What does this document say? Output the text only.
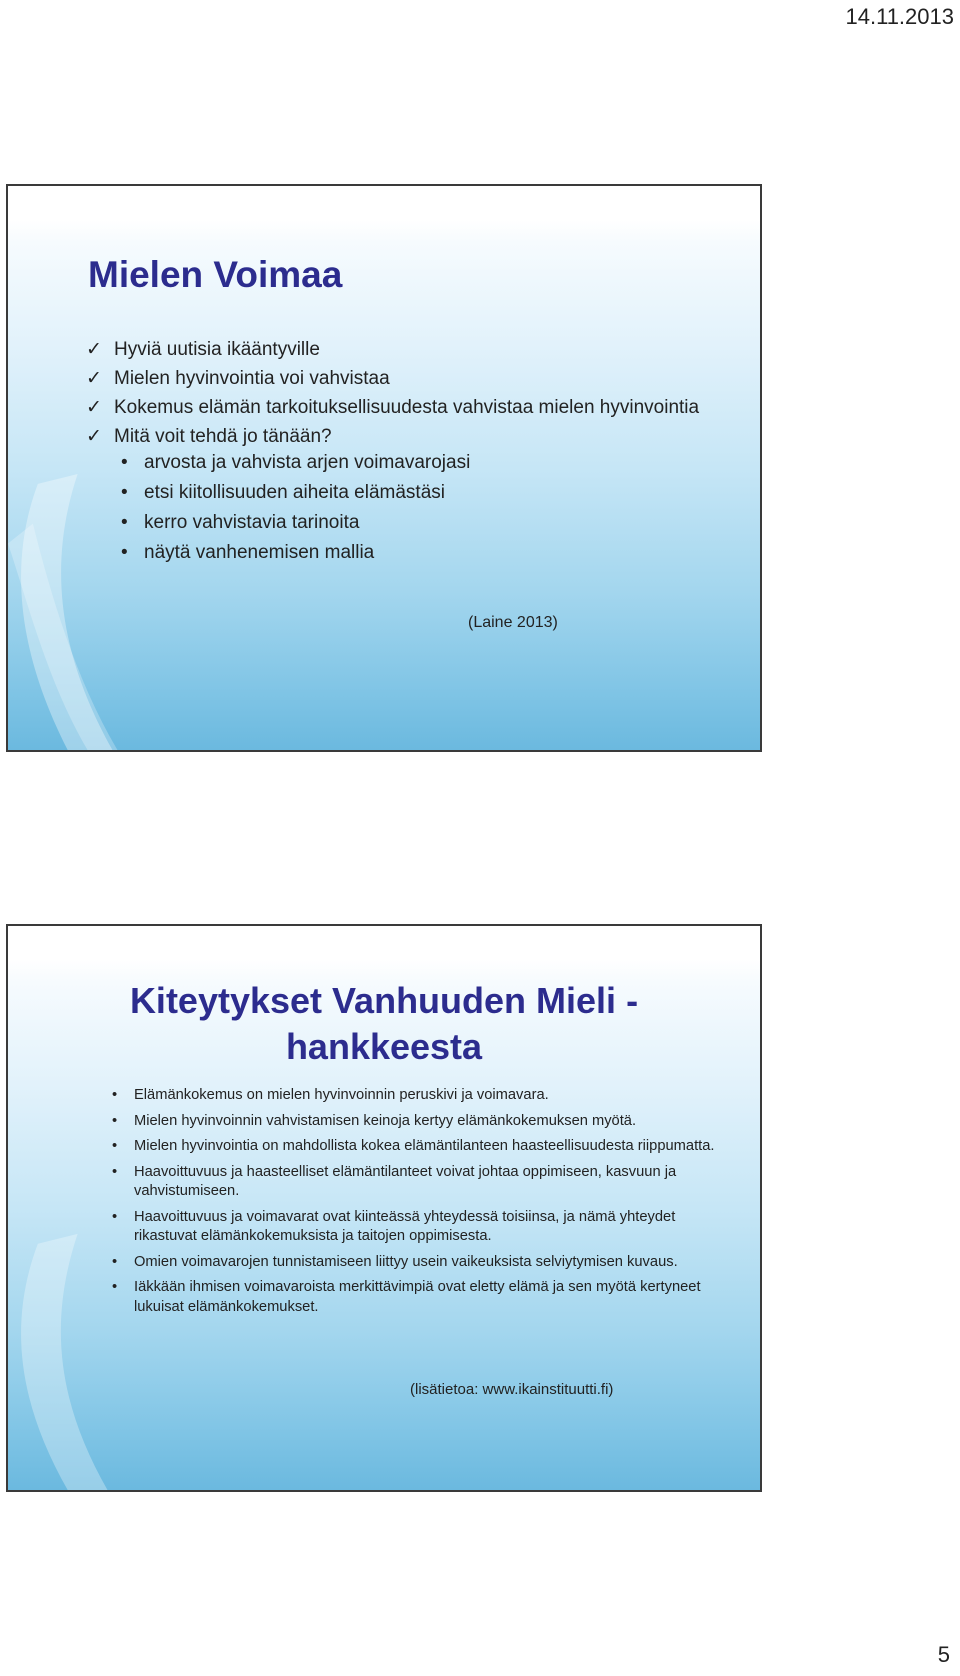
14.11.2013
Mielen Voimaa
✓ Hyviä uutisia ikääntyville
✓ Mielen hyvinvointia voi vahvistaa
✓ Kokemus elämän tarkoituksellisuudesta vahvistaa mielen hyvinvointia
✓ Mitä voit tehdä jo tänään?
• arvosta ja vahvista arjen voimavarojasi
• etsi kiitollisuuden aiheita elämästäsi
• kerro vahvistavia tarinoita
• näytä vanhenemisen mallia
(Laine 2013)
Kiteytykset Vanhuuden Mieli -
hankkeesta
• Elämänkokemus on mielen hyvinvoinnin peruskivi ja voimavara.
• Mielen hyvinvoinnin vahvistamisen keinoja kertyy elämänkokemuksen myötä.
• Mielen hyvinvointia on mahdollista kokea elämäntilanteen haasteellisuudesta riippumatta.
• Haavoittuvuus ja haasteelliset elämäntilanteet voivat johtaa oppimiseen, kasvuun ja vahvistumiseen.
• Haavoittuvuus ja voimavarat ovat kiinteässä yhteydessä toisiinsa, ja nämä yhteydet rikastuvat elämänkokemuksista ja taitojen oppimisesta.
• Omien voimavarojen tunnistamiseen liittyy usein vaikeuksista selviytymisen kuvaus.
• Iäkkään ihmisen voimavaroista merkittävimpiä ovat eletty elämä ja sen myötä kertyneet lukuisat elämänkokemukset.
(lisätietoa: www.ikainstituutti.fi)
5
